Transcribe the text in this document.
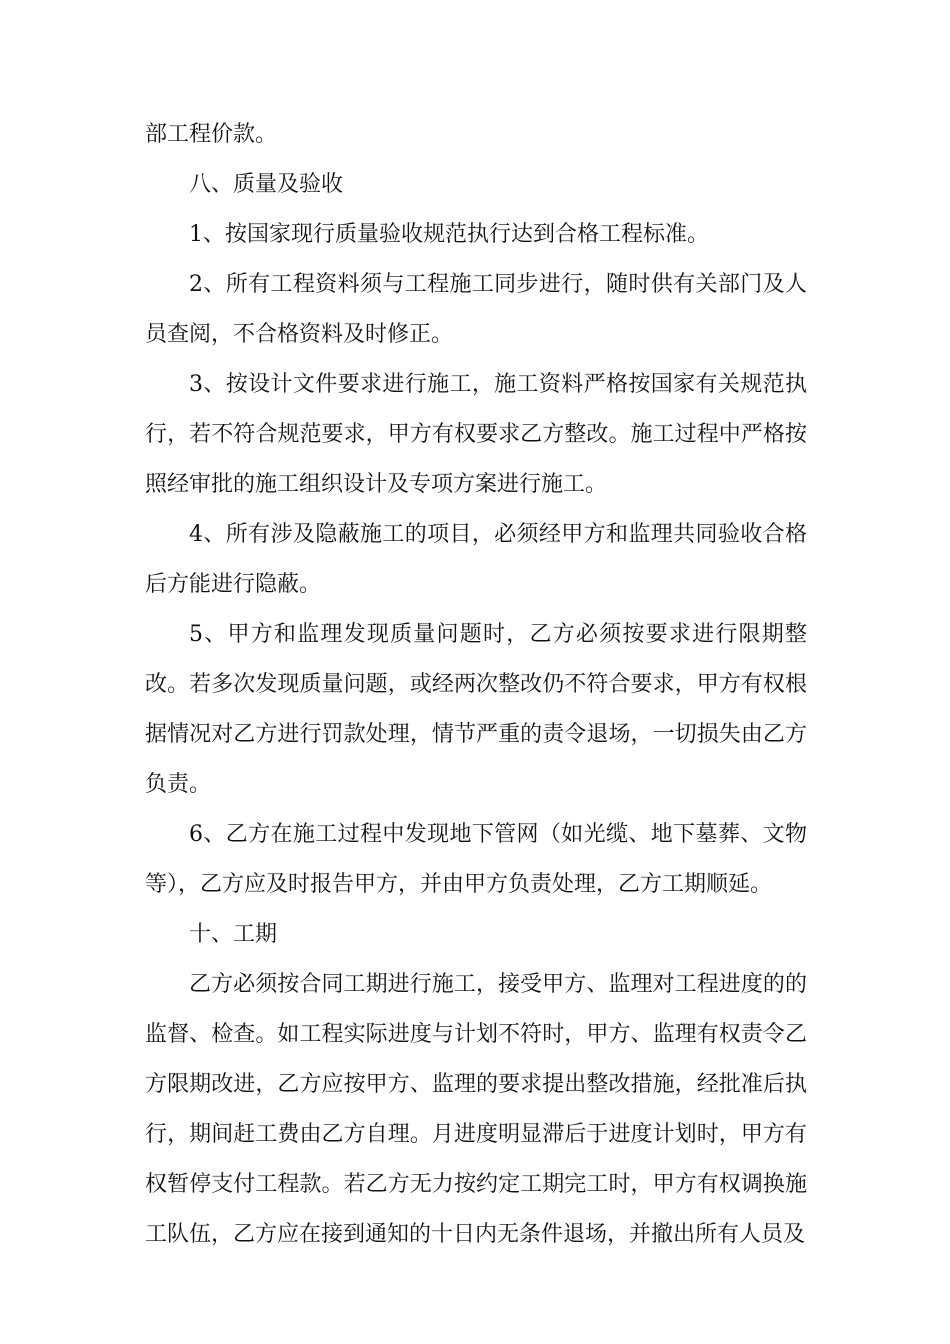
部工程价款。

八、质量及验收

1、按国家现行质量验收规范执行达到合格工程标准。

2、所有工程资料须与工程施工同步进行，随时供有关部门及人员查阅，不合格资料及时修正。

3、按设计文件要求进行施工，施工资料严格按国家有关规范执行，若不符合规范要求，甲方有权要求乙方整改。施工过程中严格按照经审批的施工组织设计及专项方案进行施工。

4、所有涉及隐蔽施工的项目，必须经甲方和监理共同验收合格后方能进行隐蔽。

5、甲方和监理发现质量问题时，乙方必须按要求进行限期整改。若多次发现质量问题，或经两次整改仍不符合要求，甲方有权根据情况对乙方进行罚款处理，情节严重的责令退场，一切损失由乙方负责。

6、乙方在施工过程中发现地下管网（如光缆、地下墓葬、文物等），乙方应及时报告甲方，并由甲方负责处理，乙方工期顺延。

十、工期

乙方必须按合同工期进行施工，接受甲方、监理对工程进度的的监督、检查。如工程实际进度与计划不符时，甲方、监理有权责令乙方限期改进，乙方应按甲方、监理的要求提出整改措施，经批准后执行，期间赶工费由乙方自理。月进度明显滞后于进度计划时，甲方有权暂停支付工程款。若乙方无力按约定工期完工时，甲方有权调换施工队伍，乙方应在接到通知的十日内无条件退场，并撤出所有人员及
